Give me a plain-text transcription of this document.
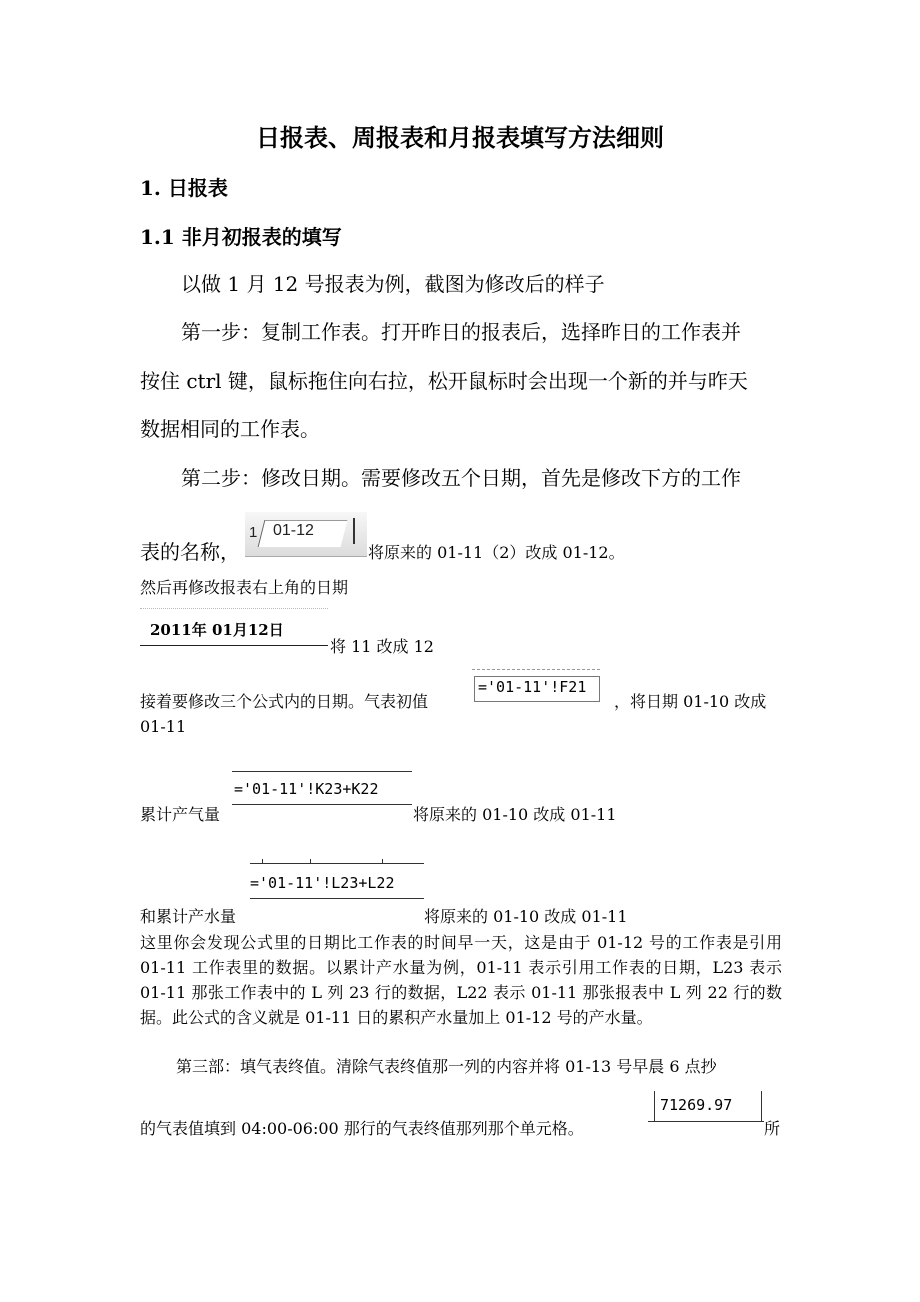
日报表、周报表和月报表填写方法细则
1. 日报表
1.1 非月初报表的填写
以做 1 月 12 号报表为例，截图为修改后的样子
第一步：复制工作表。打开昨日的报表后，选择昨日的工作表并
按住 ctrl 键，鼠标拖住向右拉，松开鼠标时会出现一个新的并与昨天
数据相同的工作表。
第二步：修改日期。需要修改五个日期，首先是修改下方的工作
表的名称，
1 01-12
将原来的 01-11（2）改成 01-12。
然后再修改报表右上角的日期
2011年 01月12日
将 11 改成 12
接着要修改三个公式内的日期。气表初值
='01-11'!F21
，将日期 01-10 改成
01-11
='01-11'!K23+K22
累计产气量	将原来的 01-10 改成 01-11
='01-11'!L23+L22
和累计产水量	将原来的 01-10 改成 01-11
这里你会发现公式里的日期比工作表的时间早一天，这是由于 01-12 号的工作表是引用 01-11 工作表里的数据。以累计产水量为例，01-11 表示引用工作表的日期，L23 表示 01-11 那张工作表中的 L 列 23 行的数据，L22 表示 01-11 那张报表中 L 列 22 行的数据。此公式的含义就是 01-11 日的累积产水量加上 01-12 号的产水量。
第三部：填气表终值。清除气表终值那一列的内容并将 01-13 号早晨 6 点抄
的气表值填到 04:00-06:00 那行的气表终值那列那个单元格。
71269.97
所
